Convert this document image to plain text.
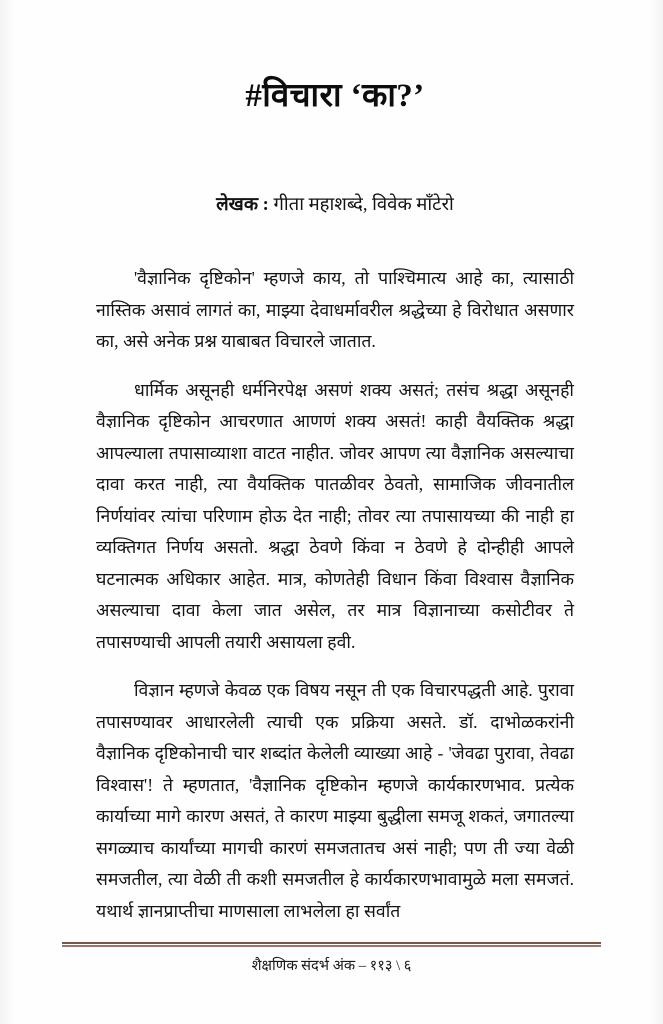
#विचारा ‘का?’

लेखक : गीता महाशब्दे, विवेक मॉंटेरो

'वैज्ञानिक दृष्टिकोन' म्हणजे काय, तो पाश्चिमात्य आहे का, त्यासाठी नास्तिक असावं लागतं का, माझ्या देवाधर्मावरील श्रद्धेच्या हे विरोधात असणार का, असे अनेक प्रश्न याबाबत विचारले जातात.

धार्मिक असूनही धर्मनिरपेक्ष असणं शक्य असतं; तसंच श्रद्धा असूनही वैज्ञानिक दृष्टिकोन आचरणात आणणं शक्य असतं! काही वैयक्तिक श्रद्धा आपल्याला तपासाव्याशा वाटत नाहीत. जोवर आपण त्या वैज्ञानिक असल्याचा दावा करत नाही, त्या वैयक्तिक पातळीवर ठेवतो, सामाजिक जीवनातील निर्णयांवर त्यांचा परिणाम होऊ देत नाही; तोवर त्या तपासायच्या की नाही हा व्यक्तिगत निर्णय असतो. श्रद्धा ठेवणे किंवा न ठेवणे हे दोन्हीही आपले घटनात्मक अधिकार आहेत. मात्र, कोणतेही विधान किंवा विश्वास वैज्ञानिक असल्याचा दावा केला जात असेल, तर मात्र विज्ञानाच्या कसोटीवर ते तपासण्याची आपली तयारी असायला हवी.

विज्ञान म्हणजे केवळ एक विषय नसून ती एक विचारपद्धती आहे. पुरावा तपासण्यावर आधारलेली त्याची एक प्रक्रिया असते. डॉ. दाभोळकरांनी वैज्ञानिक दृष्टिकोनाची चार शब्दांत केलेली व्याख्या आहे - 'जेवढा पुरावा, तेवढा विश्वास'! ते म्हणतात, 'वैज्ञानिक दृष्टिकोन म्हणजे कार्यकारणभाव. प्रत्येक कार्याच्या मागे कारण असतं, ते कारण माझ्या बुद्धीला समजू शकतं, जगातल्या सगळ्याच कार्यांच्या मागची कारणं समजतातच असं नाही; पण ती ज्या वेळी समजतील, त्या वेळी ती कशी समजतील हे कार्यकारणभावामुळे मला समजतं. यथार्थ ज्ञानप्राप्तीचा माणसाला लाभलेला हा सर्वांत

शैक्षणिक संदर्भ अंक – ११३ \ ६
